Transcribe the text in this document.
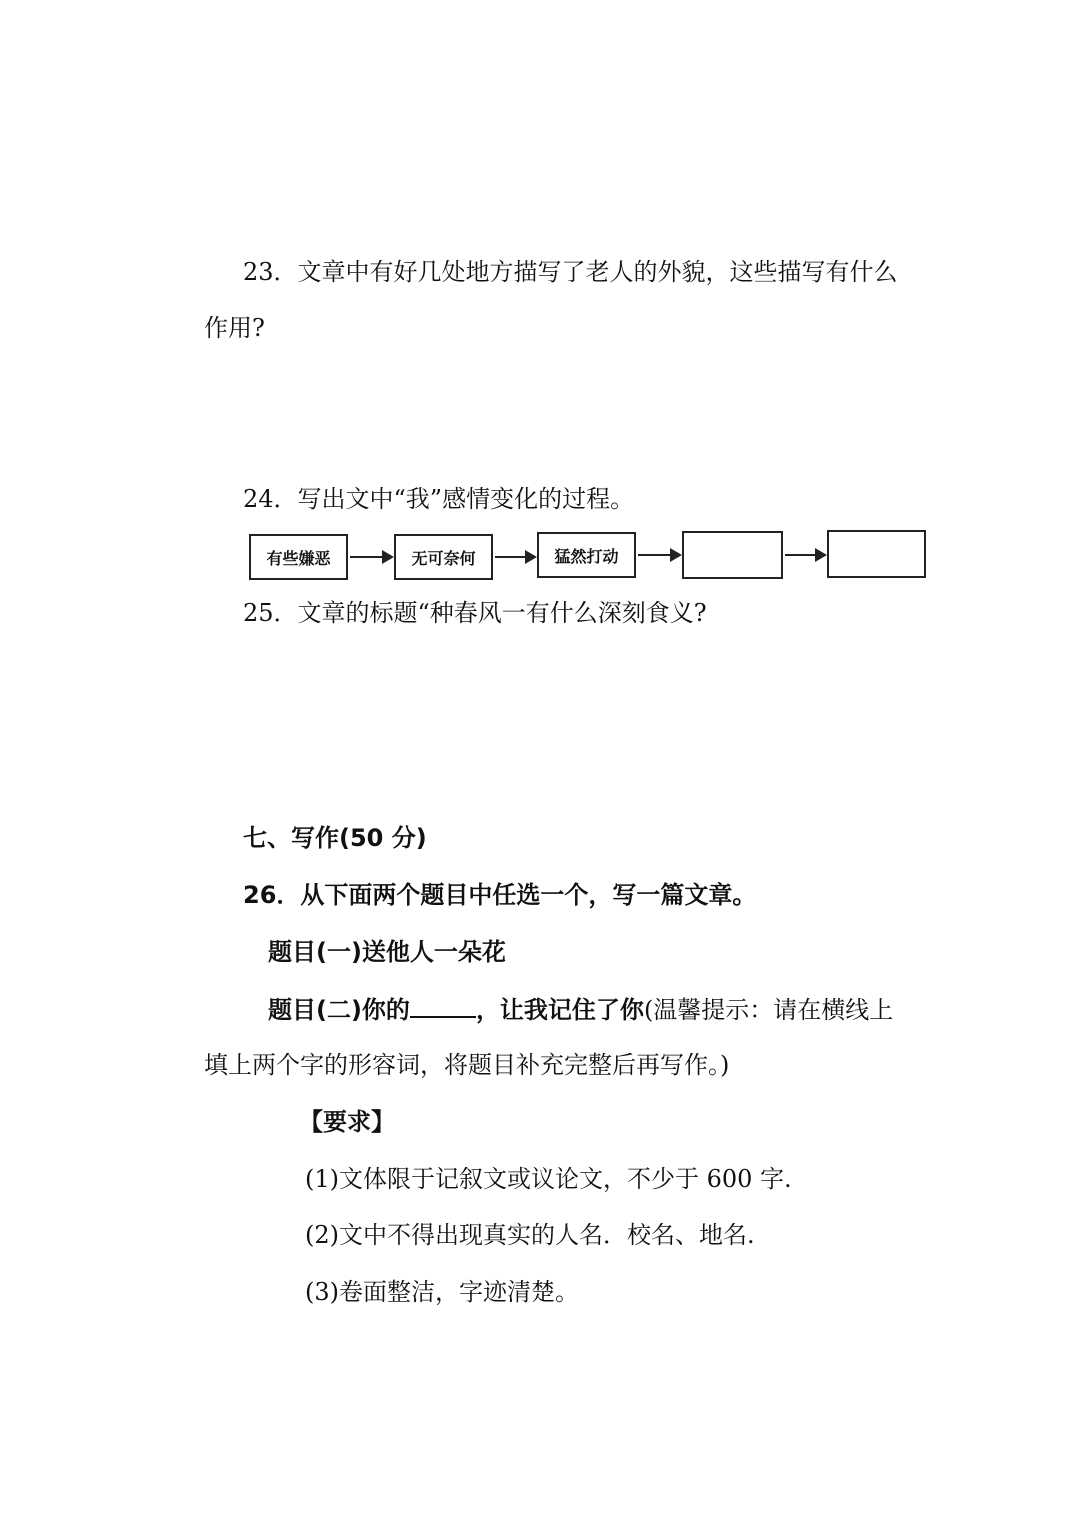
23．文章中有好几处地方描写了老人的外貌，这些描写有什么
作用?
24．写出文中“我”感情变化的过程。
有些嫌恶	无可奈何	猛然打动
25．文章的标题“种春风一有什么深刻食义?
七、写作(50 分)
26．从下面两个题目中任选一个，写一篇文章。
题目(一)送他人一朵花
题目(二)你的	，让我记住了你(温馨提示：请在横线上
填上两个字的形容词，将题目补充完整后再写作。)
【要求】
(1)文体限于记叙文或议论文，不少于 600 字.
(2)文中不得出现真实的人名．校名、地名.
(3)卷面整洁，字迹清楚。
